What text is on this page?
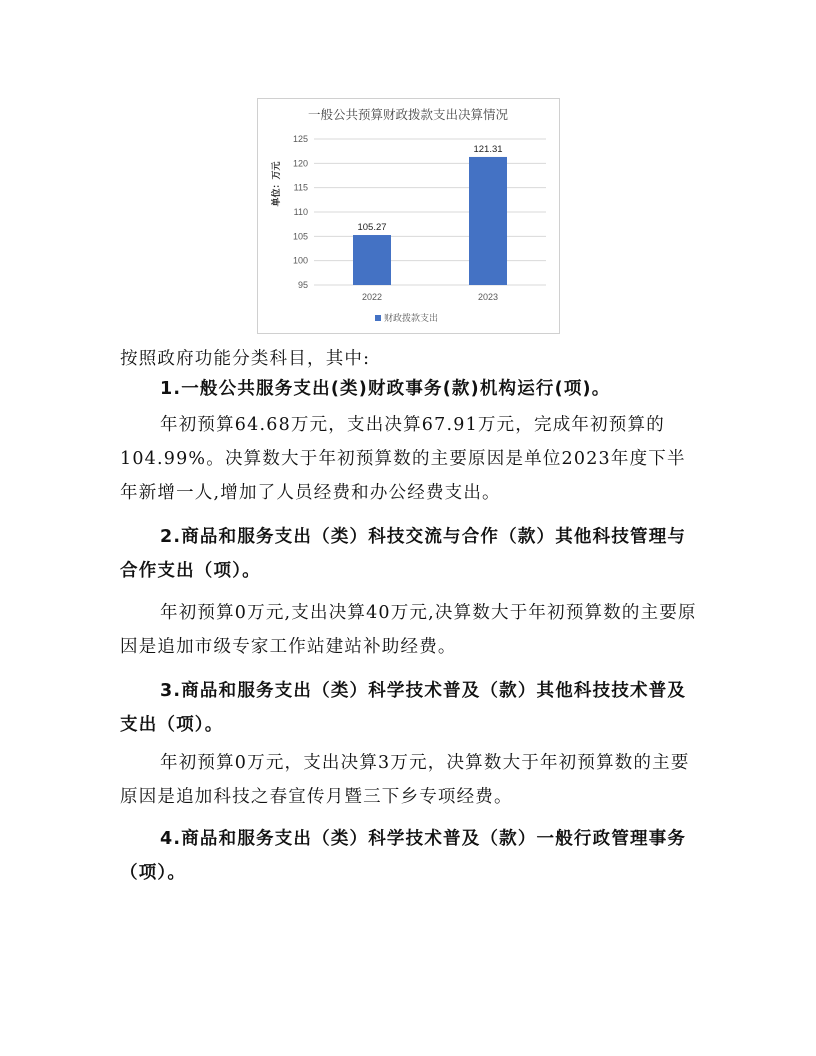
一般公共预算财政拨款支出决算情况
单位：万元
95
100
105
110
115
120
125
105.27
2022
121.31
2023
财政拨款支出

按照政府功能分类科目，其中:

1.一般公共服务支出(类)财政事务(款)机构运行(项)。

年初预算64.68万元，支出决算67.91万元，完成年初预算的104.99%。决算数大于年初预算数的主要原因是单位2023年度下半年新增一人,增加了人员经费和办公经费支出。

2.商品和服务支出（类）科技交流与合作（款）其他科技管理与合作支出（项）。

年初预算0万元,支出决算40万元,决算数大于年初预算数的主要原因是追加市级专家工作站建站补助经费。

3.商品和服务支出（类）科学技术普及（款）其他科技技术普及支出（项）。

年初预算0万元，支出决算3万元，决算数大于年初预算数的主要原因是追加科技之春宣传月暨三下乡专项经费。

4.商品和服务支出（类）科学技术普及（款）一般行政管理事务（项）。
